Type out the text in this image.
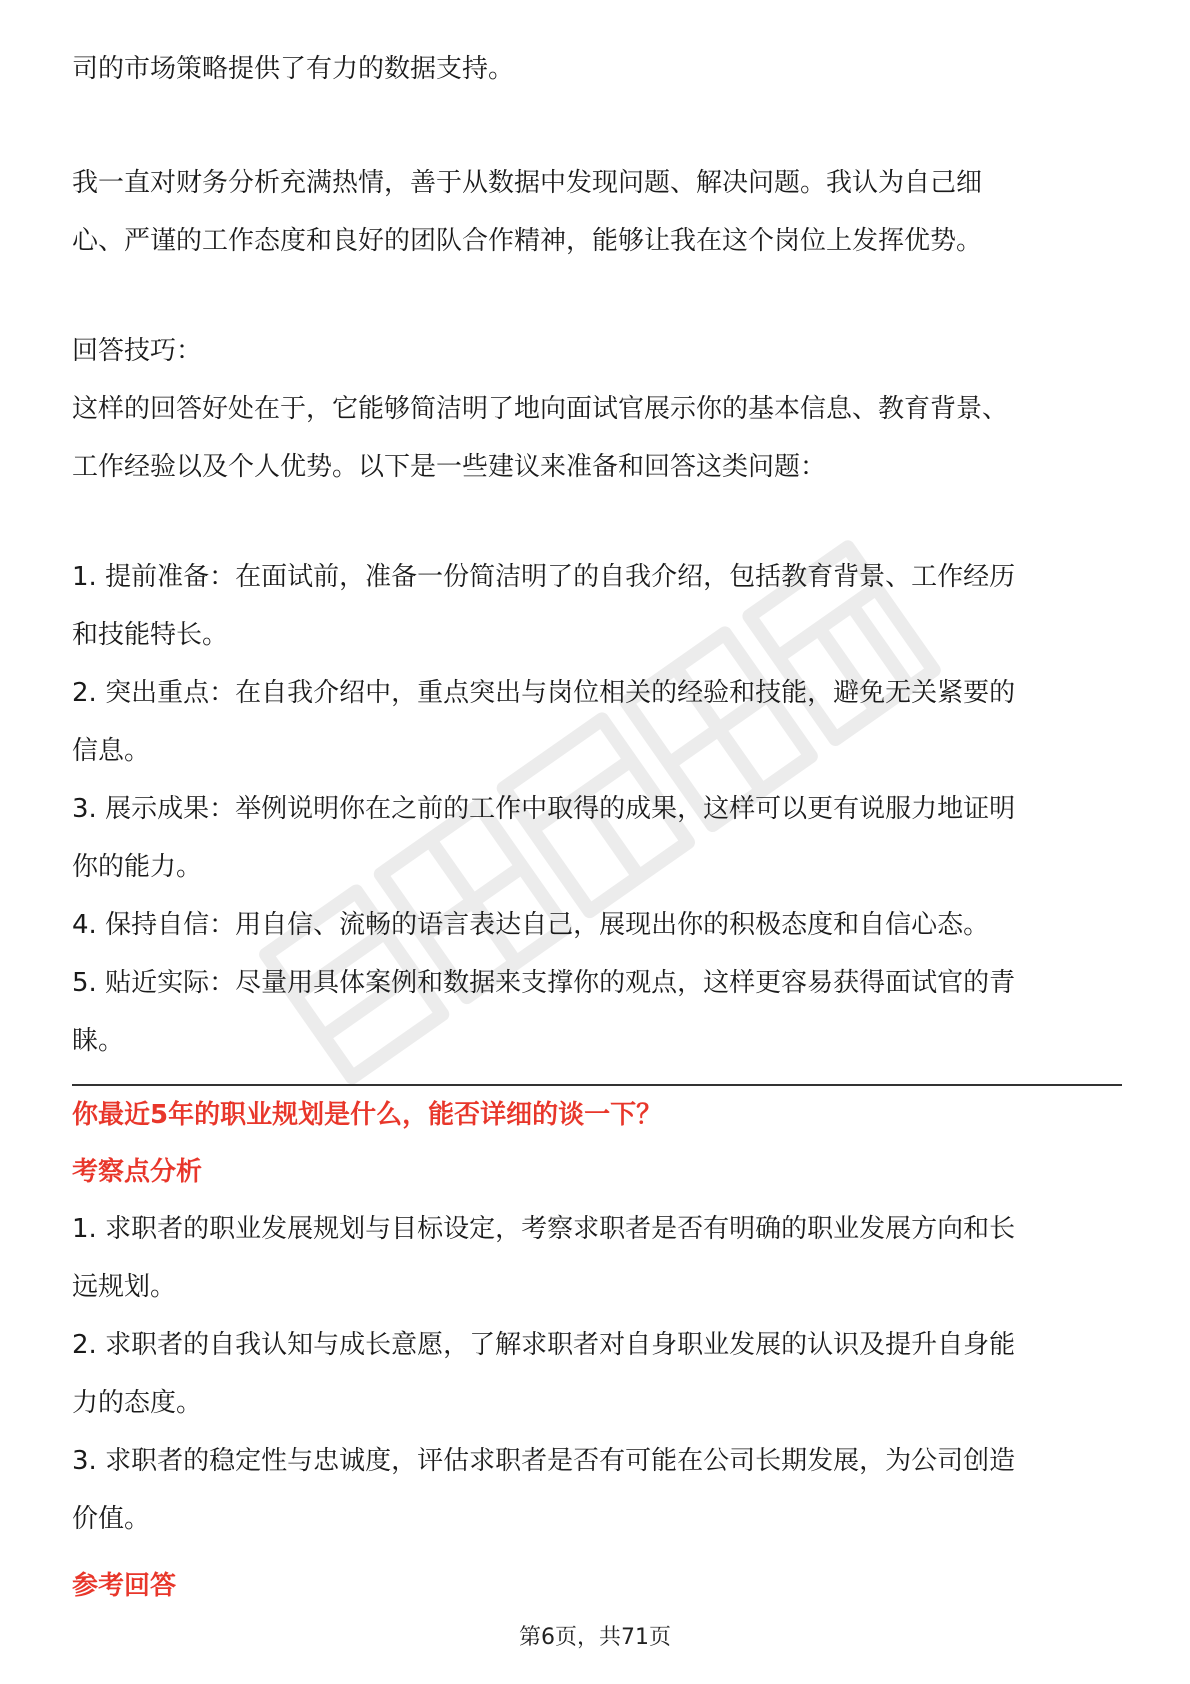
司的市场策略提供了有力的数据支持。

我一直对财务分析充满热情，善于从数据中发现问题、解决问题。我认为自己细

心、严谨的工作态度和良好的团队合作精神，能够让我在这个岗位上发挥优势。

回答技巧：

这样的回答好处在于，它能够简洁明了地向面试官展示你的基本信息、教育背景、

工作经验以及个人优势。以下是一些建议来准备和回答这类问题：

1. 提前准备：在面试前，准备一份简洁明了的自我介绍，包括教育背景、工作经历

和技能特长。

2. 突出重点：在自我介绍中，重点突出与岗位相关的经验和技能，避免无关紧要的

信息。

3. 展示成果：举例说明你在之前的工作中取得的成果，这样可以更有说服力地证明

你的能力。

4. 保持自信：用自信、流畅的语言表达自己，展现出你的积极态度和自信心态。

5. 贴近实际：尽量用具体案例和数据来支撑你的观点，这样更容易获得面试官的青

睐。

你最近5年的职业规划是什么，能否详细的谈一下？

考察点分析

1. 求职者的职业发展规划与目标设定，考察求职者是否有明确的职业发展方向和长

远规划。

2. 求职者的自我认知与成长意愿，了解求职者对自身职业发展的认识及提升自身能

力的态度。

3. 求职者的稳定性与忠诚度，评估求职者是否有可能在公司长期发展，为公司创造

价值。

参考回答

第6页，共71页
